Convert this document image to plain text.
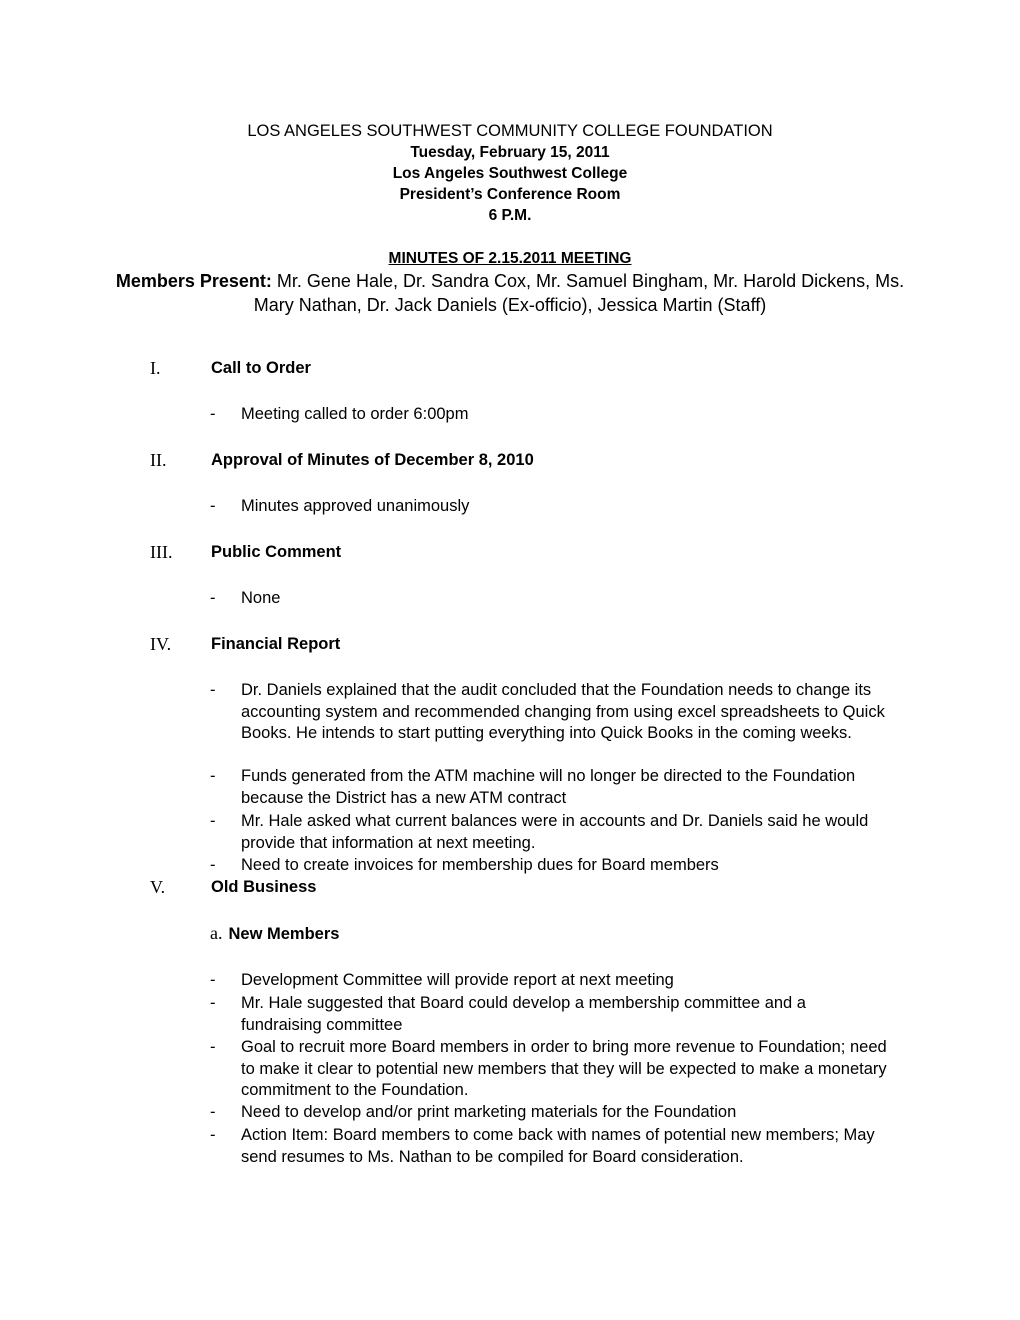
LOS ANGELES SOUTHWEST COMMUNITY COLLEGE FOUNDATION
Tuesday, February 15, 2011
Los Angeles Southwest College
President’s Conference Room
6 P.M.
MINUTES OF 2.15.2011 MEETING
Members Present: Mr. Gene Hale, Dr. Sandra Cox, Mr. Samuel Bingham, Mr. Harold Dickens, Ms. Mary Nathan, Dr. Jack Daniels (Ex-officio), Jessica Martin (Staff)
I.	Call to Order
- Meeting called to order 6:00pm
II.	Approval of Minutes of December 8, 2010
- Minutes approved unanimously
III. Public Comment
- None
IV. Financial Report
- Dr. Daniels explained that the audit concluded that the Foundation needs to change its accounting system and recommended changing from using excel spreadsheets to Quick Books. He intends to start putting everything into Quick Books in the coming weeks.
- Funds generated from the ATM machine will no longer be directed to the Foundation because the District has a new ATM contract
- Mr. Hale asked what current balances were in accounts and Dr. Daniels said he would provide that information at next meeting.
- Need to create invoices for membership dues for Board members
V.	Old Business
a. New Members
- Development Committee will provide report at next meeting
- Mr. Hale suggested that Board could develop a membership committee and a fundraising committee
- Goal to recruit more Board members in order to bring more revenue to Foundation; need to make it clear to potential new members that they will be expected to make a monetary commitment to the Foundation.
- Need to develop and/or print marketing materials for the Foundation
- Action Item: Board members to come back with names of potential new members; May send resumes to Ms. Nathan to be compiled for Board consideration.
